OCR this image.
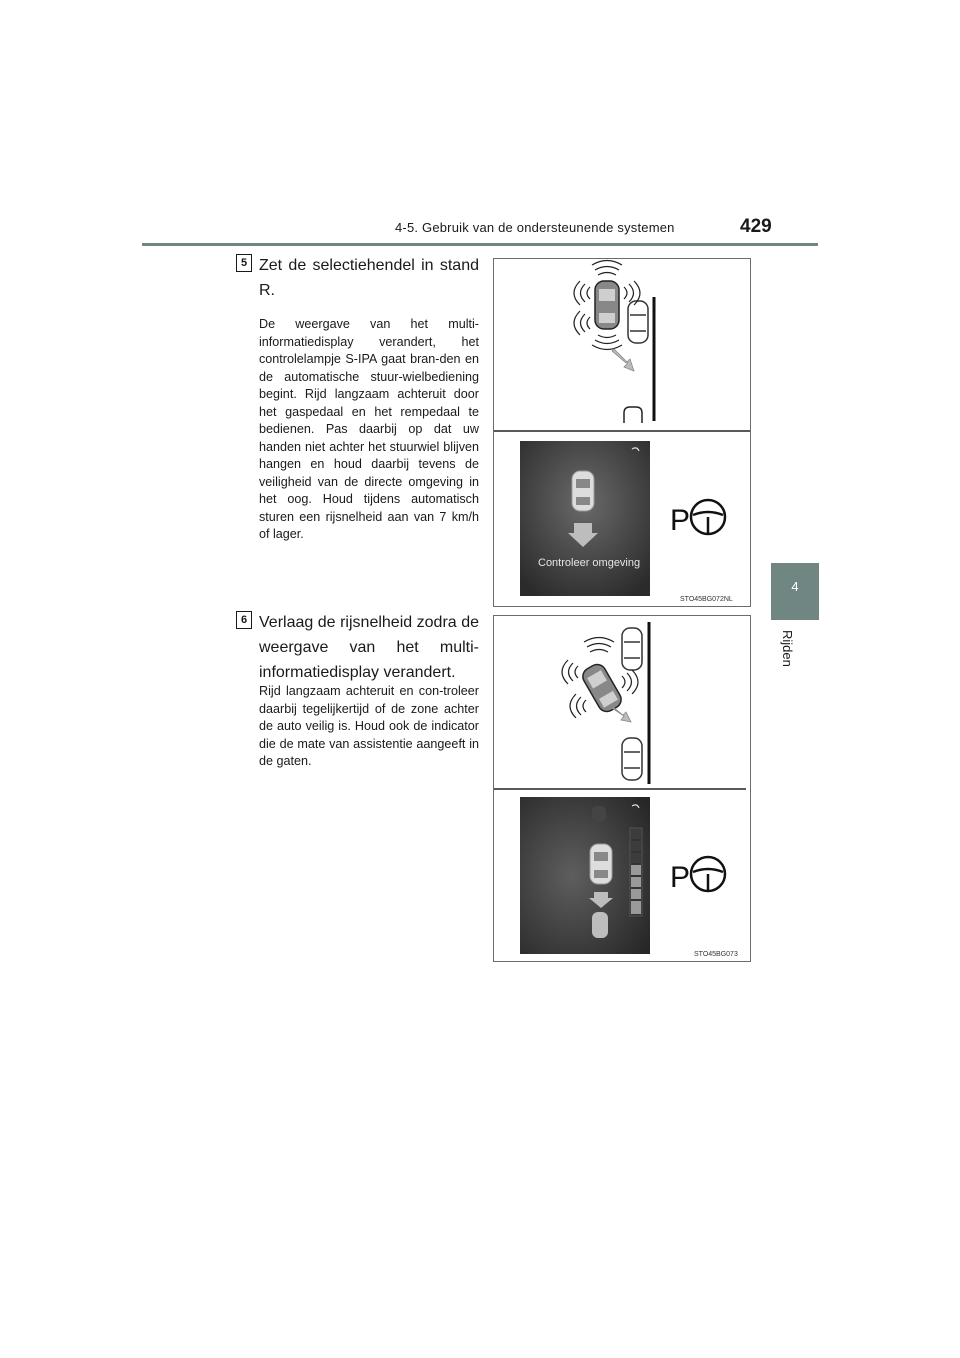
4-5. Gebruik van de ondersteunende systemen	429
4
Rijden
5 Zet de selectiehendel in stand R.
De weergave van het multi-informatiedisplay verandert, het controlelampje S-IPA gaat bran-den en de automatische stuur-wielbediening begint. Rijd langzaam achteruit door het gaspedaal en het rempedaal te bedienen. Pas daarbij op dat uw handen niet achter het stuurwiel blijven hangen en houd daarbij tevens de veiligheid van de directe omgeving in het oog. Houd tijdens automatisch sturen een rijsnelheid aan van 7 km/h of lager.
Controleer omgeving
P
STO45BG072NL
6 Verlaag de rijsnelheid zodra de weergave van het multi-informatiedisplay verandert.
Rijd langzaam achteruit en con-troleer daarbij tegelijkertijd of de zone achter de auto veilig is. Houd ook de indicator die de mate van assistentie aangeeft in de gaten.
P
STO45BG073
